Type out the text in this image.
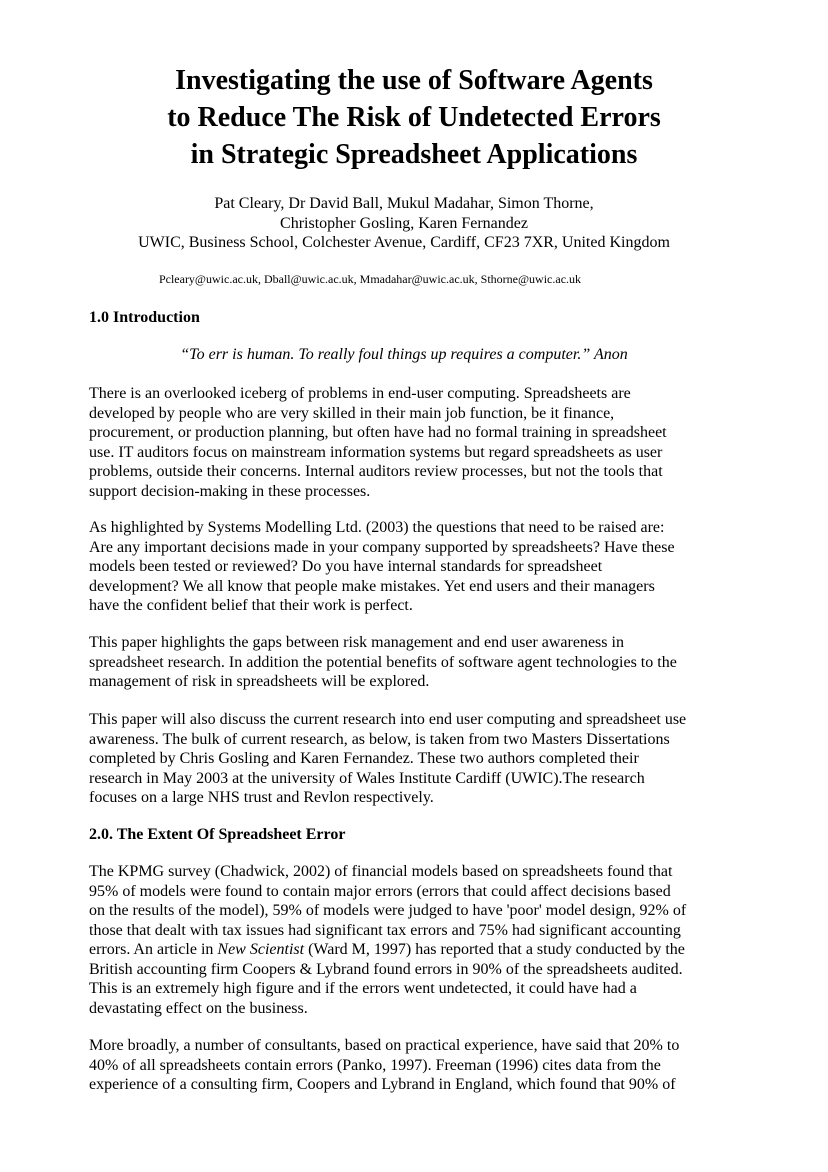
Investigating the use of Software Agents
to Reduce The Risk of Undetected Errors
in Strategic Spreadsheet Applications
Pat Cleary, Dr David Ball, Mukul Madahar, Simon Thorne,
Christopher Gosling, Karen Fernandez
UWIC, Business School, Colchester Avenue, Cardiff, CF23 7XR, United Kingdom
Pcleary@uwic.ac.uk, Dball@uwic.ac.uk, Mmadahar@uwic.ac.uk, Sthorne@uwic.ac.uk
1.0 Introduction
“To err is human. To really foul things up requires a computer.” Anon
There is an overlooked iceberg of problems in end-user computing. Spreadsheets are
developed by people who are very skilled in their main job function, be it finance,
procurement, or production planning, but often have had no formal training in spreadsheet
use. IT auditors focus on mainstream information systems but regard spreadsheets as user
problems, outside their concerns. Internal auditors review processes, but not the tools that
support decision-making in these processes.
As highlighted by Systems Modelling Ltd. (2003) the questions that need to be raised are:
Are any important decisions made in your company supported by spreadsheets? Have these
models been tested or reviewed? Do you have internal standards for spreadsheet
development? We all know that people make mistakes. Yet end users and their managers
have the confident belief that their work is perfect.
This paper highlights the gaps between risk management and end user awareness in
spreadsheet research. In addition the potential benefits of software agent technologies to the
management of risk in spreadsheets will be explored.
This paper will also discuss the current research into end user computing and spreadsheet use
awareness. The bulk of current research, as below, is taken from two Masters Dissertations
completed by Chris Gosling and Karen Fernandez. These two authors completed their
research in May 2003 at the university of Wales Institute Cardiff (UWIC).The research
focuses on a large NHS trust and Revlon respectively.
2.0. The Extent Of Spreadsheet Error
The KPMG survey (Chadwick, 2002) of financial models based on spreadsheets found that
95% of models were found to contain major errors (errors that could affect decisions based
on the results of the model), 59% of models were judged to have 'poor' model design, 92% of
those that dealt with tax issues had significant tax errors and 75% had significant accounting
errors. An article in New Scientist (Ward M, 1997) has reported that a study conducted by the
British accounting firm Coopers & Lybrand found errors in 90% of the spreadsheets audited.
This is an extremely high figure and if the errors went undetected, it could have had a
devastating effect on the business.
More broadly, a number of consultants, based on practical experience, have said that 20% to
40% of all spreadsheets contain errors (Panko, 1997). Freeman (1996) cites data from the
experience of a consulting firm, Coopers and Lybrand in England, which found that 90% of
